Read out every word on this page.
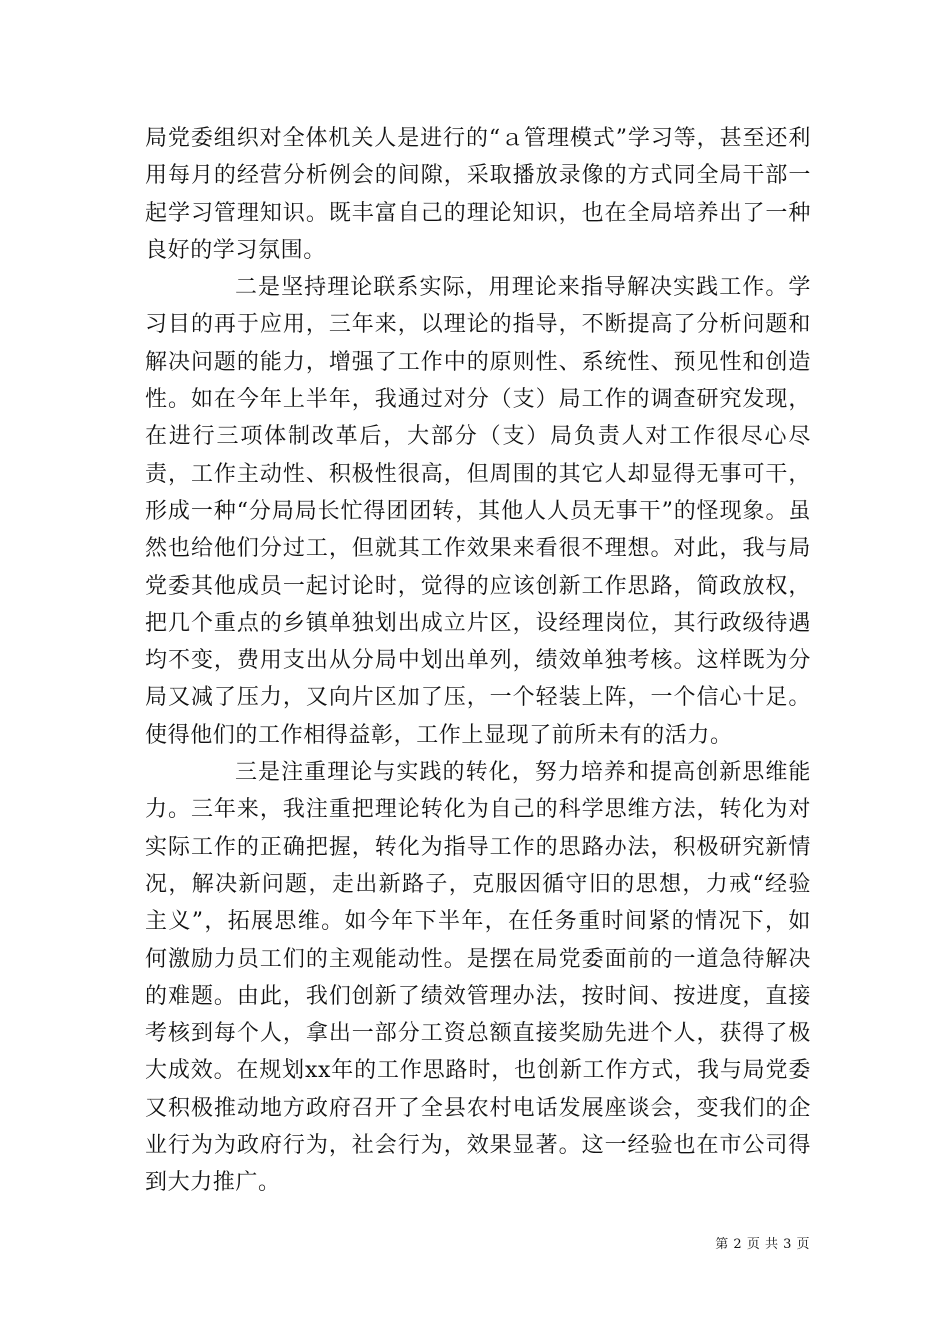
局党委组织对全体机关人是进行的“ａ管理模式”学习等，甚至还利用每月的经营分析例会的间隙，采取播放录像的方式同全局干部一起学习管理知识。既丰富自己的理论知识，也在全局培养出了一种良好的学习氛围。

二是坚持理论联系实际，用理论来指导解决实践工作。学习目的再于应用，三年来，以理论的指导，不断提高了分析问题和解决问题的能力，增强了工作中的原则性、系统性、预见性和创造性。如在今年上半年，我通过对分（支）局工作的调查研究发现，在进行三项体制改革后，大部分（支）局负责人对工作很尽心尽责，工作主动性、积极性很高，但周围的其它人却显得无事可干，形成一种“分局局长忙得团团转，其他人人员无事干”的怪现象。虽然也给他们分过工，但就其工作效果来看很不理想。对此，我与局党委其他成员一起讨论时，觉得的应该创新工作思路，简政放权，把几个重点的乡镇单独划出成立片区，设经理岗位，其行政级待遇均不变，费用支出从分局中划出单列，绩效单独考核。这样既为分局又减了压力，又向片区加了压，一个轻装上阵，一个信心十足。使得他们的工作相得益彰，工作上显现了前所未有的活力。

三是注重理论与实践的转化，努力培养和提高创新思维能力。三年来，我注重把理论转化为自己的科学思维方法，转化为对实际工作的正确把握，转化为指导工作的思路办法，积极研究新情况，解决新问题，走出新路子，克服因循守旧的思想，力戒“经验主义”，拓展思维。如今年下半年，在任务重时间紧的情况下，如何激励力员工们的主观能动性。是摆在局党委面前的一道急待解决的难题。由此，我们创新了绩效管理办法，按时间、按进度，直接考核到每个人，拿出一部分工资总额直接奖励先进个人，获得了极大成效。在规划xx年的工作思路时，也创新工作方式，我与局党委又积极推动地方政府召开了全县农村电话发展座谈会，变我们的企业行为为政府行为，社会行为，效果显著。这一经验也在市公司得到大力推广。

第 2 页 共 3 页
